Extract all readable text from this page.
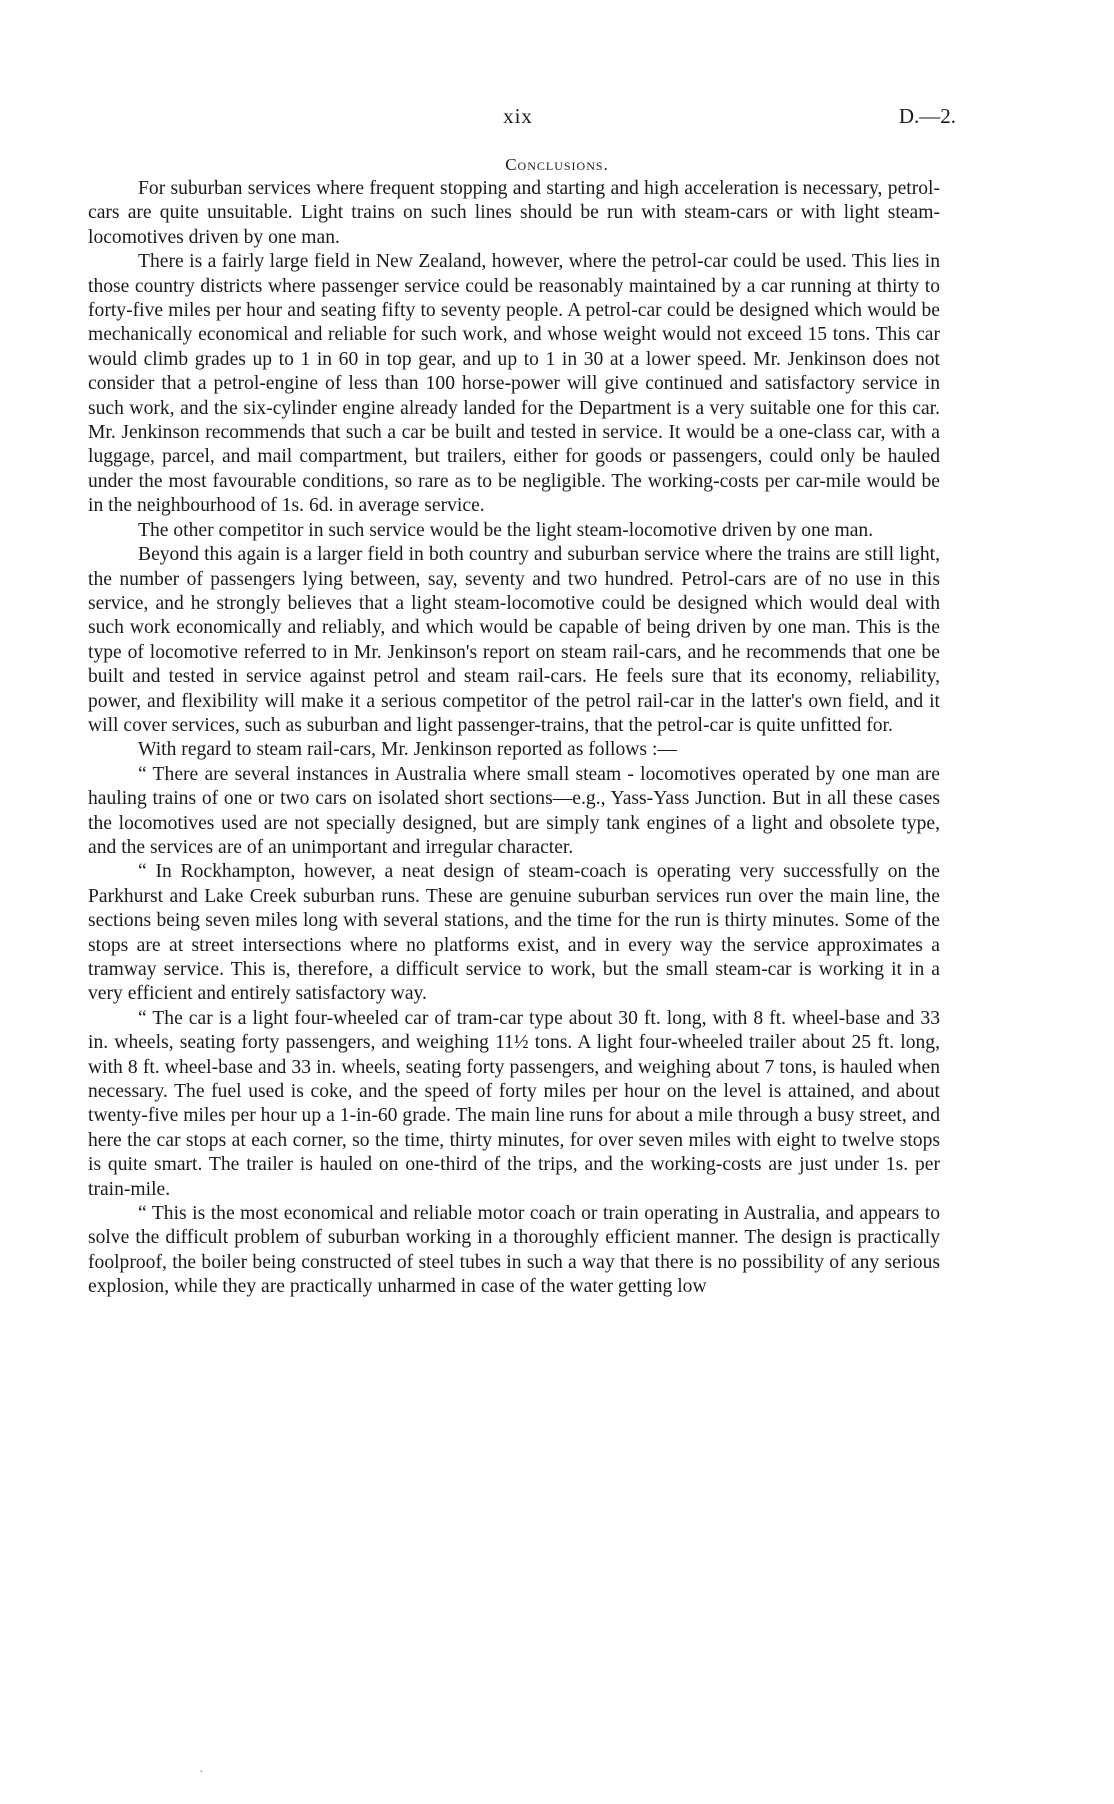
xix	D.—2.
Conclusions.

For suburban services where frequent stopping and starting and high acceleration is necessary, petrol-cars are quite unsuitable. Light trains on such lines should be run with steam-cars or with light steam-locomotives driven by one man.

There is a fairly large field in New Zealand, however, where the petrol-car could be used. This lies in those country districts where passenger service could be reasonably maintained by a car running at thirty to forty-five miles per hour and seating fifty to seventy people. A petrol-car could be designed which would be mechanically economical and reliable for such work, and whose weight would not exceed 15 tons. This car would climb grades up to 1 in 60 in top gear, and up to 1 in 30 at a lower speed. Mr. Jenkinson does not consider that a petrol-engine of less than 100 horse-power will give continued and satisfactory service in such work, and the six-cylinder engine already landed for the Department is a very suitable one for this car. Mr. Jenkinson recommends that such a car be built and tested in service. It would be a one-class car, with a luggage, parcel, and mail compartment, but trailers, either for goods or passengers, could only be hauled under the most favourable conditions, so rare as to be negligible. The working-costs per car-mile would be in the neighbourhood of 1s. 6d. in average service.

The other competitor in such service would be the light steam-locomotive driven by one man.

Beyond this again is a larger field in both country and suburban service where the trains are still light, the number of passengers lying between, say, seventy and two hundred. Petrol-cars are of no use in this service, and he strongly believes that a light steam-locomotive could be designed which would deal with such work economically and reliably, and which would be capable of being driven by one man. This is the type of locomotive referred to in Mr. Jenkinson's report on steam rail-cars, and he recommends that one be built and tested in service against petrol and steam rail-cars. He feels sure that its economy, reliability, power, and flexibility will make it a serious competitor of the petrol rail-car in the latter's own field, and it will cover services, such as suburban and light passenger-trains, that the petrol-car is quite unfitted for.

With regard to steam rail-cars, Mr. Jenkinson reported as follows :—

“ There are several instances in Australia where small steam - locomotives operated by one man are hauling trains of one or two cars on isolated short sections—e.g., Yass-Yass Junction. But in all these cases the locomotives used are not specially designed, but are simply tank engines of a light and obsolete type, and the services are of an unimportant and irregular character.

“ In Rockhampton, however, a neat design of steam-coach is operating very successfully on the Parkhurst and Lake Creek suburban runs. These are genuine suburban services run over the main line, the sections being seven miles long with several stations, and the time for the run is thirty minutes. Some of the stops are at street intersections where no platforms exist, and in every way the service approximates a tramway service. This is, therefore, a difficult service to work, but the small steam-car is working it in a very efficient and entirely satisfactory way.

“ The car is a light four-wheeled car of tram-car type about 30 ft. long, with 8 ft. wheel-base and 33 in. wheels, seating forty passengers, and weighing 11½ tons. A light four-wheeled trailer about 25 ft. long, with 8 ft. wheel-base and 33 in. wheels, seating forty passengers, and weighing about 7 tons, is hauled when necessary. The fuel used is coke, and the speed of forty miles per hour on the level is attained, and about twenty-five miles per hour up a 1-in-60 grade. The main line runs for about a mile through a busy street, and here the car stops at each corner, so the time, thirty minutes, for over seven miles with eight to twelve stops is quite smart. The trailer is hauled on one-third of the trips, and the working-costs are just under 1s. per train-mile.

“ This is the most economical and reliable motor coach or train operating in Australia, and appears to solve the difficult problem of suburban working in a thoroughly efficient manner. The design is practically foolproof, the boiler being constructed of steel tubes in such a way that there is no possibility of any serious explosion, while they are practically unharmed in case of the water getting low

.
